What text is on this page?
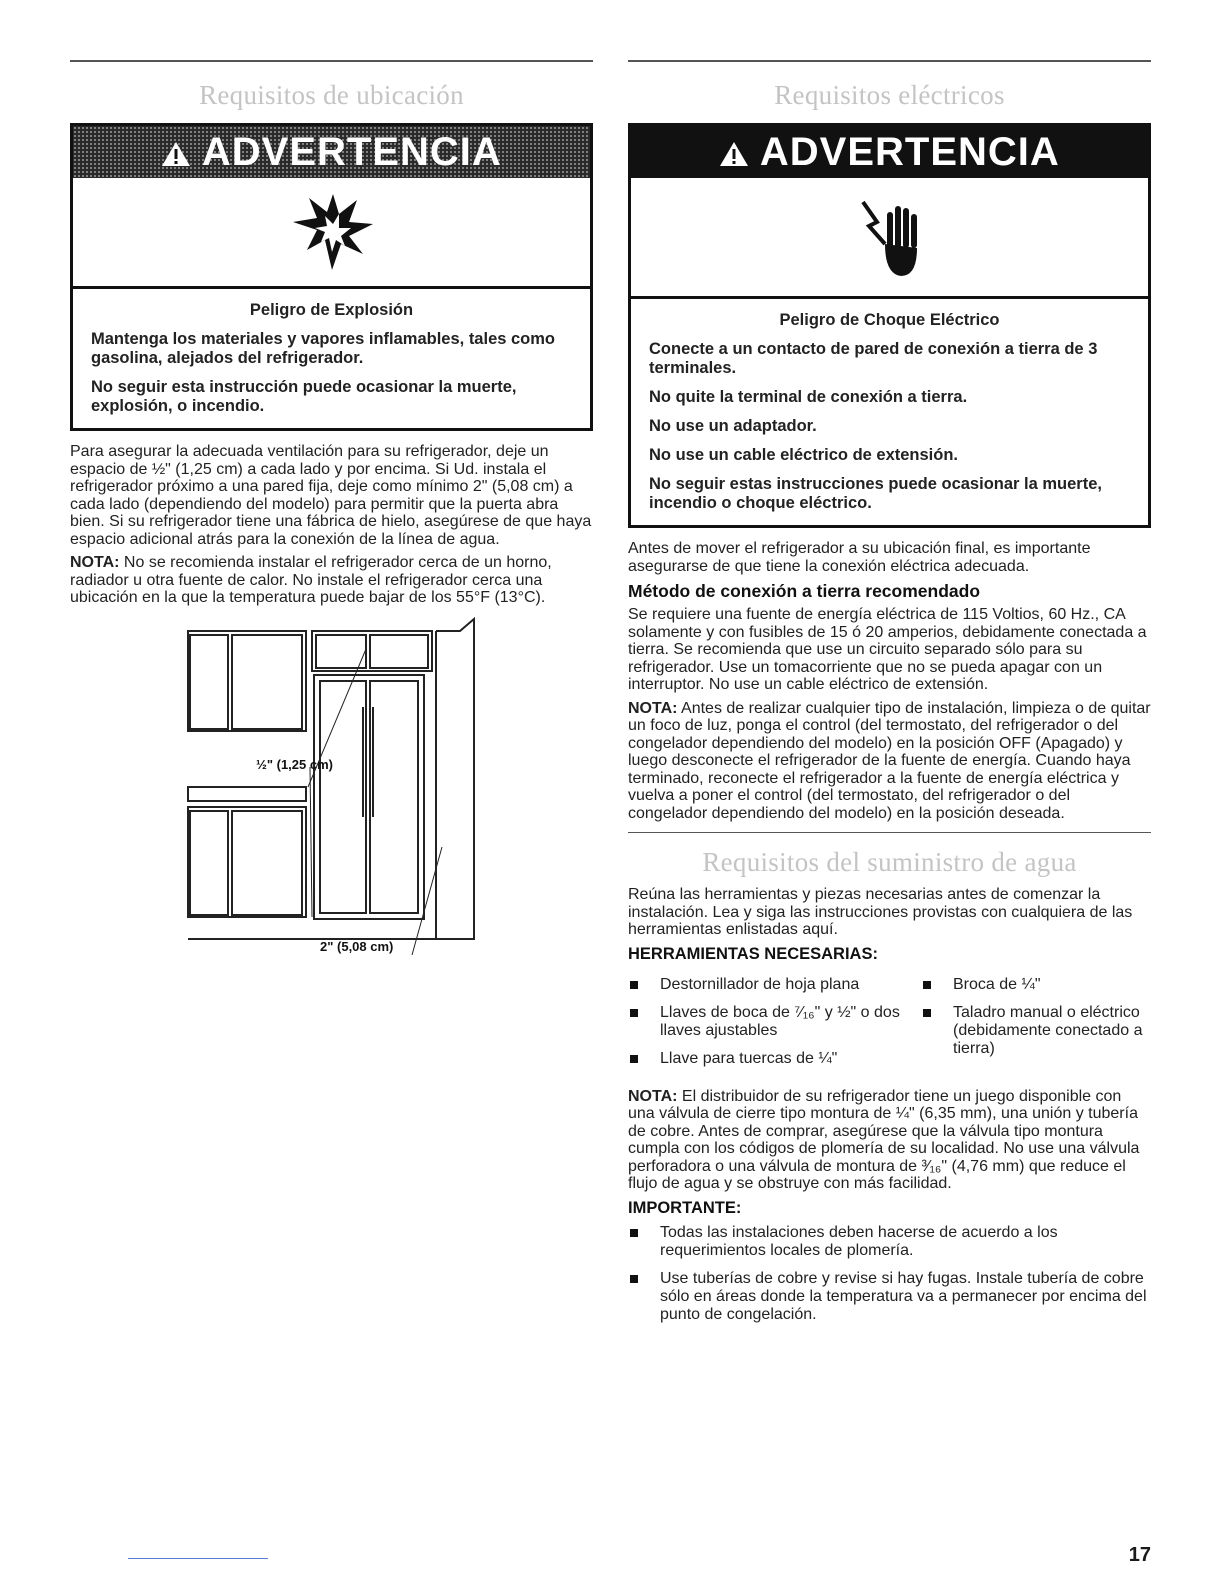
Requisitos de ubicación
ADVERTENCIA
Peligro de Explosión

Mantenga los materiales y vapores inflamables, tales como gasolina, alejados del refrigerador.

No seguir esta instrucción puede ocasionar la muerte, explosión, o incendio.

Para asegurar la adecuada ventilación para su refrigerador, deje un espacio de ½" (1,25 cm) a cada lado y por encima. Si Ud. instala el refrigerador próximo a una pared fija, deje como mínimo 2" (5,08 cm) a cada lado (dependiendo del modelo) para permitir que la puerta abra bien. Si su refrigerador tiene una fábrica de hielo, asegúrese de que haya espacio adicional atrás para la conexión de la línea de agua.

NOTA: No se recomienda instalar el refrigerador cerca de un horno, radiador u otra fuente de calor. No instale el refrigerador cerca una ubicación en la que la temperatura puede bajar de los 55°F (13°C).

½" (1,25 cm)
2" (5,08 cm)
Requisitos eléctricos
ADVERTENCIA
Peligro de Choque Eléctrico

Conecte a un contacto de pared de conexión a tierra de 3 terminales.

No quite la terminal de conexión a tierra.

No use un adaptador.

No use un cable eléctrico de extensión.

No seguir estas instrucciones puede ocasionar la muerte, incendio o choque eléctrico.

Antes de mover el refrigerador a su ubicación final, es importante asegurarse de que tiene la conexión eléctrica adecuada.

Método de conexión a tierra recomendado

Se requiere una fuente de energía eléctrica de 115 Voltios, 60 Hz., CA solamente y con fusibles de 15 ó 20 amperios, debidamente conectada a tierra. Se recomienda que use un circuito separado sólo para su refrigerador. Use un tomacorriente que no se pueda apagar con un interruptor. No use un cable eléctrico de extensión.

NOTA: Antes de realizar cualquier tipo de instalación, limpieza o de quitar un foco de luz, ponga el control (del termostato, del refrigerador o del congelador dependiendo del modelo) en la posición OFF (Apagado) y luego desconecte el refrigerador de la fuente de energía. Cuando haya terminado, reconecte el refrigerador a la fuente de energía eléctrica y vuelva a poner el control (del termostato, del refrigerador o del congelador dependiendo del modelo) en la posición deseada.

Requisitos del suministro de agua

Reúna las herramientas y piezas necesarias antes de comenzar la instalación. Lea y siga las instrucciones provistas con cualquiera de las herramientas enlistadas aquí.

HERRAMIENTAS NECESARIAS:
Destornillador de hoja plana
Llaves de boca de ⁷⁄₁₆" y ½" o dos llaves ajustables
Llave para tuercas de ¼"
Broca de ¼"
Taladro manual o eléctrico (debidamente conectado a tierra)

NOTA: El distribuidor de su refrigerador tiene un juego disponible con una válvula de cierre tipo montura de ¼" (6,35 mm), una unión y tubería de cobre. Antes de comprar, asegúrese que la válvula tipo montura cumpla con los códigos de plomería de su localidad. No use una válvula perforadora o una válvula de montura de ³⁄₁₆" (4,76 mm) que reduce el flujo de agua y se obstruye con más facilidad.

IMPORTANTE:
Todas las instalaciones deben hacerse de acuerdo a los requerimientos locales de plomería.
Use tuberías de cobre y revise si hay fugas. Instale tubería de cobre sólo en áreas donde la temperatura va a permanecer por encima del punto de congelación.
17
